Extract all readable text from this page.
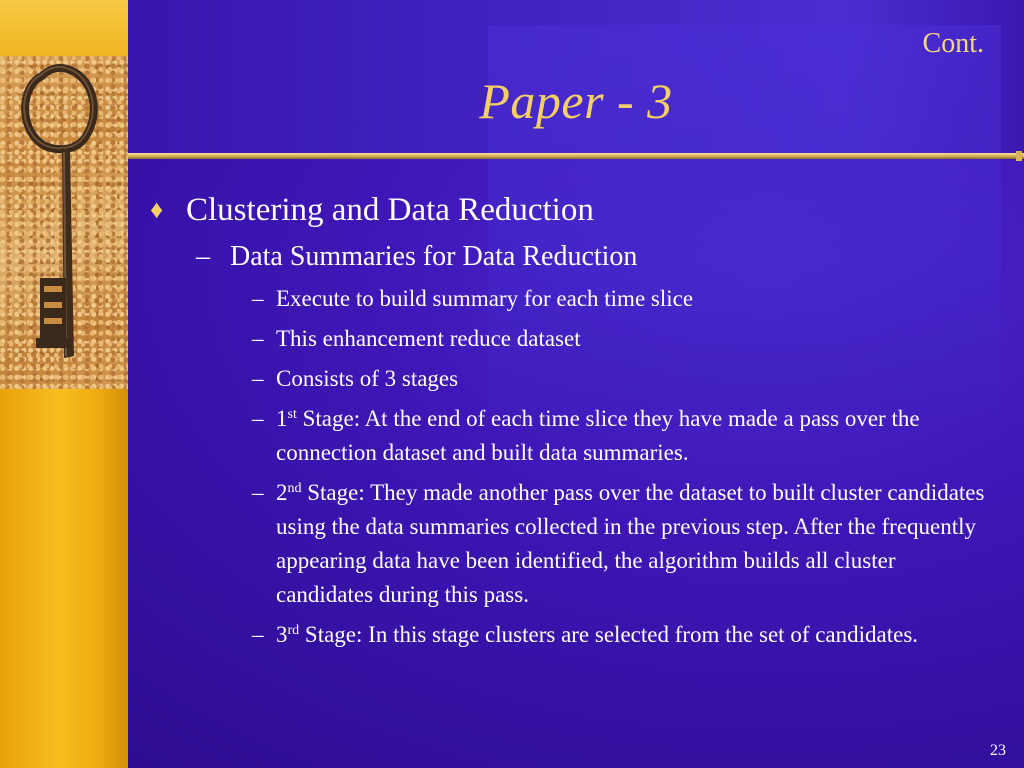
Cont.
Paper - 3
♦ Clustering and Data Reduction
– Data Summaries for Data Reduction
– Execute to build summary for each time slice
– This enhancement reduce dataset
– Consists of 3 stages
– 1st Stage: At the end of each time slice they have made a pass over the connection dataset and built data summaries.
– 2nd Stage: They made another pass over the dataset to built cluster candidates using the data summaries collected in the previous step. After the frequently appearing data have been identified, the algorithm builds all cluster candidates during this pass.
– 3rd Stage: In this stage clusters are selected from the set of candidates.
23
